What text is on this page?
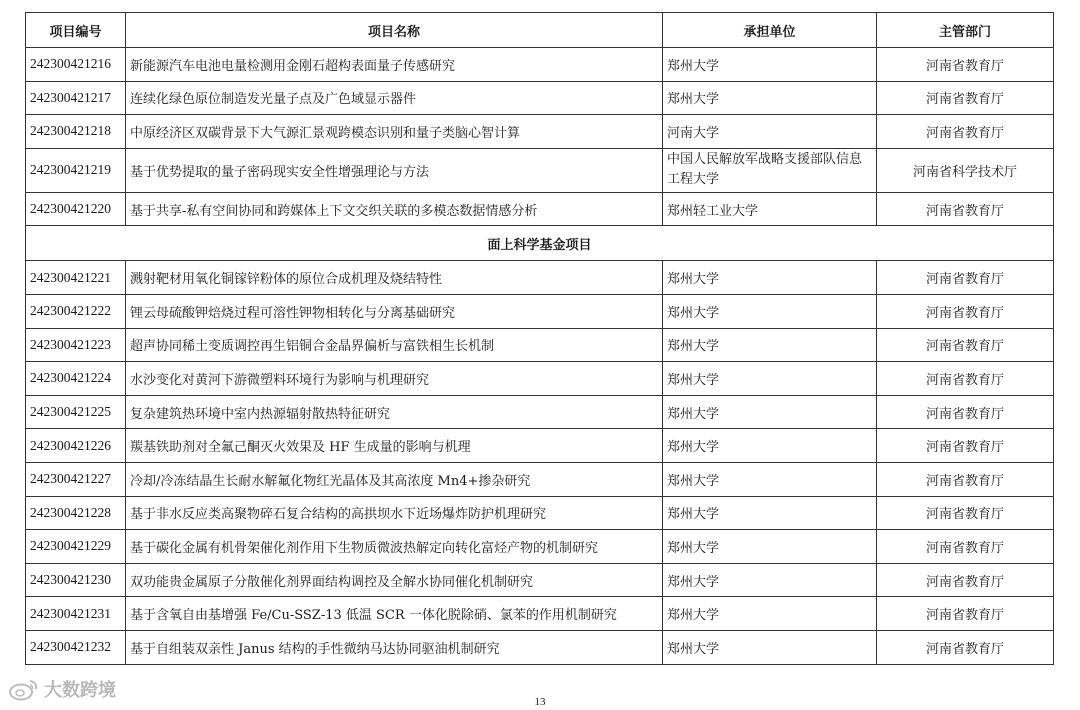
项目编号	项目名称	承担单位	主管部门
242300421216	新能源汽车电池电量检测用金刚石超构表面量子传感研究	郑州大学	河南省教育厅
242300421217	连续化绿色原位制造发光量子点及广色域显示器件	郑州大学	河南省教育厅
242300421218	中原经济区双碳背景下大气源汇景观跨模态识别和量子类脑心智计算	河南大学	河南省教育厅
242300421219	基于优势提取的量子密码现实安全性增强理论与方法	中国人民解放军战略支援部队信息工程大学	河南省科学技术厅
242300421220	基于共享-私有空间协同和跨媒体上下文交织关联的多模态数据情感分析	郑州轻工业大学	河南省教育厅
面上科学基金项目			
242300421221	溅射靶材用氧化铜镓锌粉体的原位合成机理及烧结特性	郑州大学	河南省教育厅
242300421222	锂云母硫酸钾焙烧过程可溶性钾物相转化与分离基础研究	郑州大学	河南省教育厅
242300421223	超声协同稀土变质调控再生铝铜合金晶界偏析与富铁相生长机制	郑州大学	河南省教育厅
242300421224	水沙变化对黄河下游微塑料环境行为影响与机理研究	郑州大学	河南省教育厅
242300421225	复杂建筑热环境中室内热源辐射散热特征研究	郑州大学	河南省教育厅
242300421226	羰基铁助剂对全氟己酮灭火效果及 HF 生成量的影响与机理	郑州大学	河南省教育厅
242300421227	冷却/冷冻结晶生长耐水解氟化物红光晶体及其高浓度 Mn4+掺杂研究	郑州大学	河南省教育厅
242300421228	基于非水反应类高聚物碎石复合结构的高拱坝水下近场爆炸防护机理研究	郑州大学	河南省教育厅
242300421229	基于碳化金属有机骨架催化剂作用下生物质微波热解定向转化富烃产物的机制研究	郑州大学	河南省教育厅
242300421230	双功能贵金属原子分散催化剂界面结构调控及全解水协同催化机制研究	郑州大学	河南省教育厅
242300421231	基于含氧自由基增强 Fe/Cu-SSZ-13 低温 SCR 一体化脱除硝、氯苯的作用机制研究	郑州大学	河南省教育厅
242300421232	基于自组装双亲性 Janus 结构的手性微纳马达协同驱油机制研究	郑州大学	河南省教育厅
大数跨境
13
